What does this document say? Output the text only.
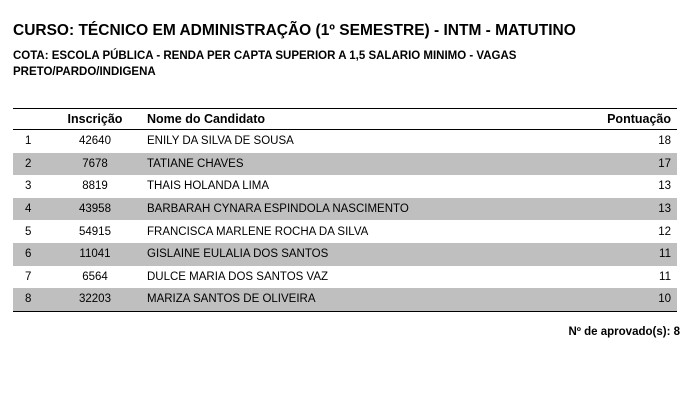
CURSO: TÉCNICO EM ADMINISTRAÇÃO (1º SEMESTRE) - INTM - MATUTINO
COTA: ESCOLA PÚBLICA - RENDA PER CAPTA SUPERIOR A 1,5 SALARIO MINIMO - VAGAS PRETO/PARDO/INDIGENA
	Inscrição	Nome do Candidato	Pontuação
1	42640	ENILY DA SILVA DE SOUSA	18
2	7678	TATIANE CHAVES	17
3	8819	THAIS HOLANDA LIMA	13
4	43958	BARBARAH CYNARA ESPINDOLA NASCIMENTO	13
5	54915	FRANCISCA MARLENE ROCHA DA SILVA	12
6	11041	GISLAINE EULALIA DOS SANTOS	11
7	6564	DULCE MARIA DOS SANTOS VAZ	11
8	32203	MARIZA SANTOS DE OLIVEIRA	10
Nº de aprovado(s): 8
